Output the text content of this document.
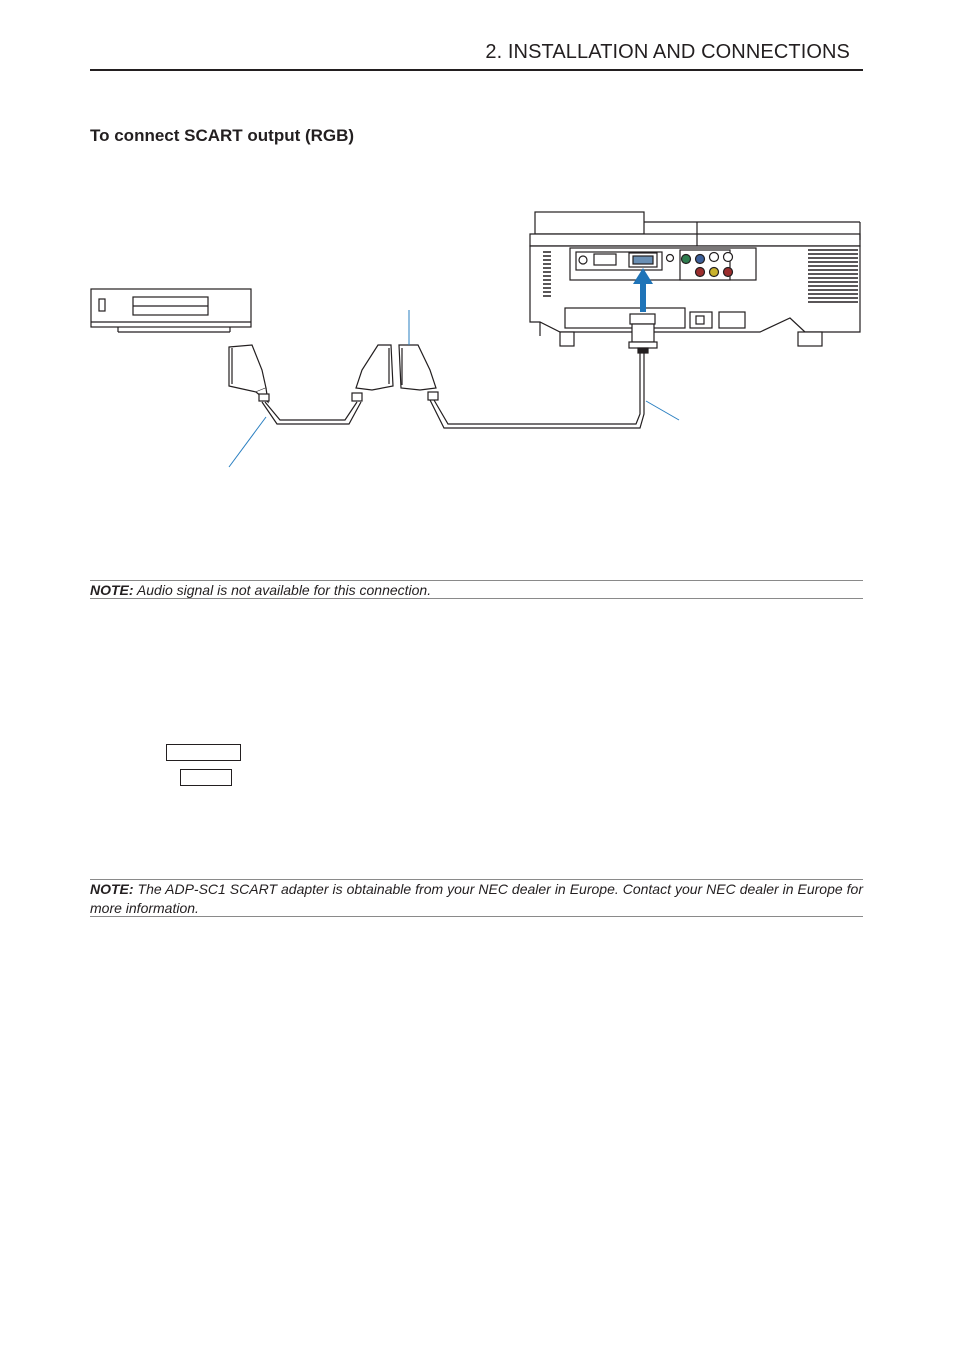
2. INSTALLATION AND CONNECTIONS
To connect SCART output (RGB)
NOTE: Audio signal is not available for this connection.
NOTE: The ADP-SC1 SCART adapter is obtainable from your NEC dealer in Europe. Contact your NEC dealer in Europe for more information.
